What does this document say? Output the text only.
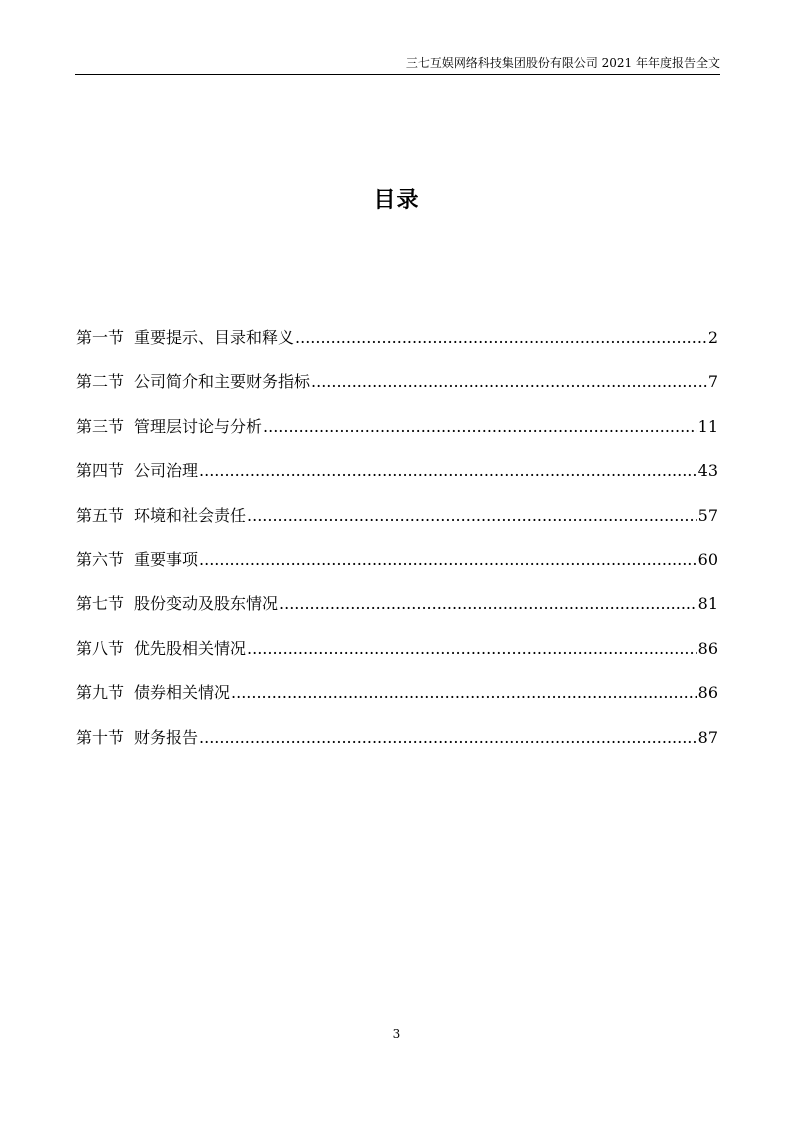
三七互娱网络科技集团股份有限公司 2021 年年度报告全文
目录
第一节 重要提示、目录和释义 .....	2
第二节 公司简介和主要财务指标 .....	7
第三节 管理层讨论与分析 .....	11
第四节 公司治理 .....	43
第五节 环境和社会责任 .....	57
第六节 重要事项 .....	60
第七节 股份变动及股东情况 .....	81
第八节 优先股相关情况 .....	86
第九节 债券相关情况 .....	86
第十节 财务报告 .....	87
3
